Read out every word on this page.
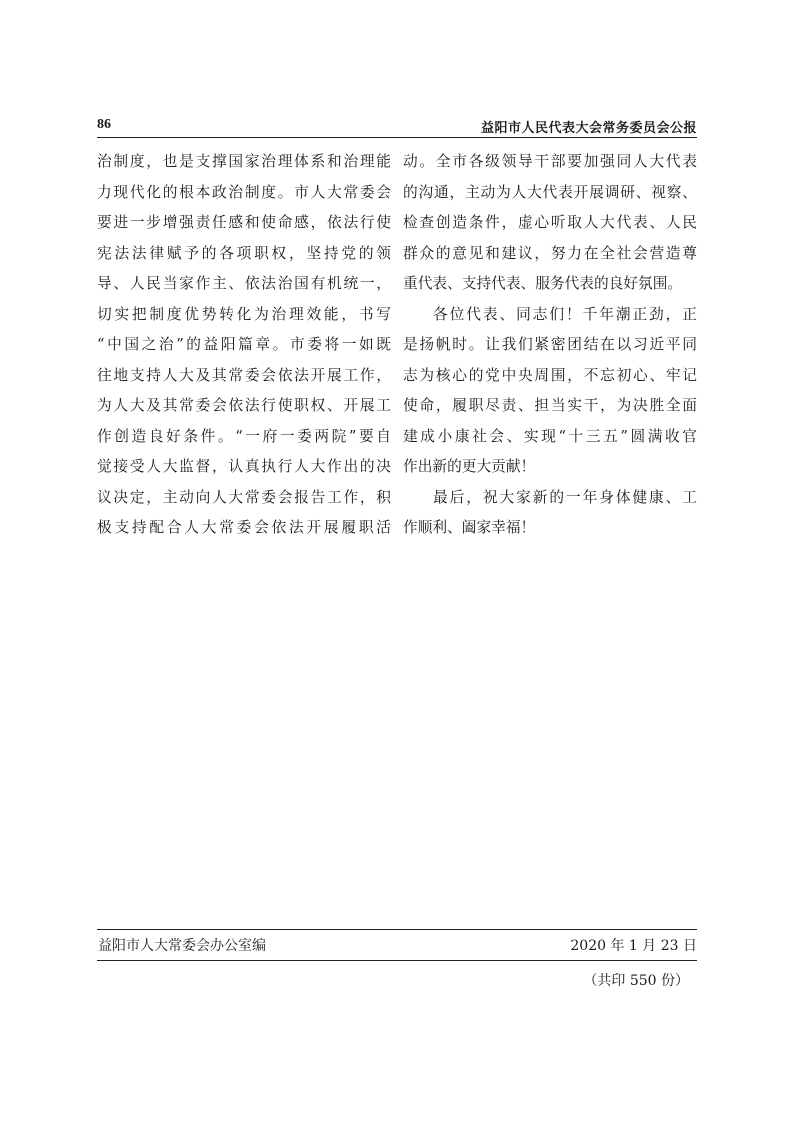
86	益阳市人民代表大会常务委员会公报
治制度，也是支撑国家治理体系和治理能
力现代化的根本政治制度。市人大常委会
要进一步增强责任感和使命感，依法行使
宪法法律赋予的各项职权，坚持党的领
导、人民当家作主、依法治国有机统一，
切实把制度优势转化为治理效能，书写
“中国之治”的益阳篇章。市委将一如既
往地支持人大及其常委会依法开展工作，
为人大及其常委会依法行使职权、开展工
作创造良好条件。“一府一委两院”要自
觉接受人大监督，认真执行人大作出的决
议决定，主动向人大常委会报告工作，积
极支持配合人大常委会依法开展履职活
动。全市各级领导干部要加强同人大代表
的沟通，主动为人大代表开展调研、视察、
检查创造条件，虚心听取人大代表、人民
群众的意见和建议，努力在全社会营造尊
重代表、支持代表、服务代表的良好氛围。
各位代表、同志们！千年潮正劲，正
是扬帆时。让我们紧密团结在以习近平同
志为核心的党中央周围，不忘初心、牢记
使命，履职尽责、担当实干，为决胜全面
建成小康社会、实现“十三五”圆满收官
作出新的更大贡献！
最后，祝大家新的一年身体健康、工
作顺利、阖家幸福！
益阳市人大常委会办公室编	2020 年 1 月 23 日
（共印 550 份）
